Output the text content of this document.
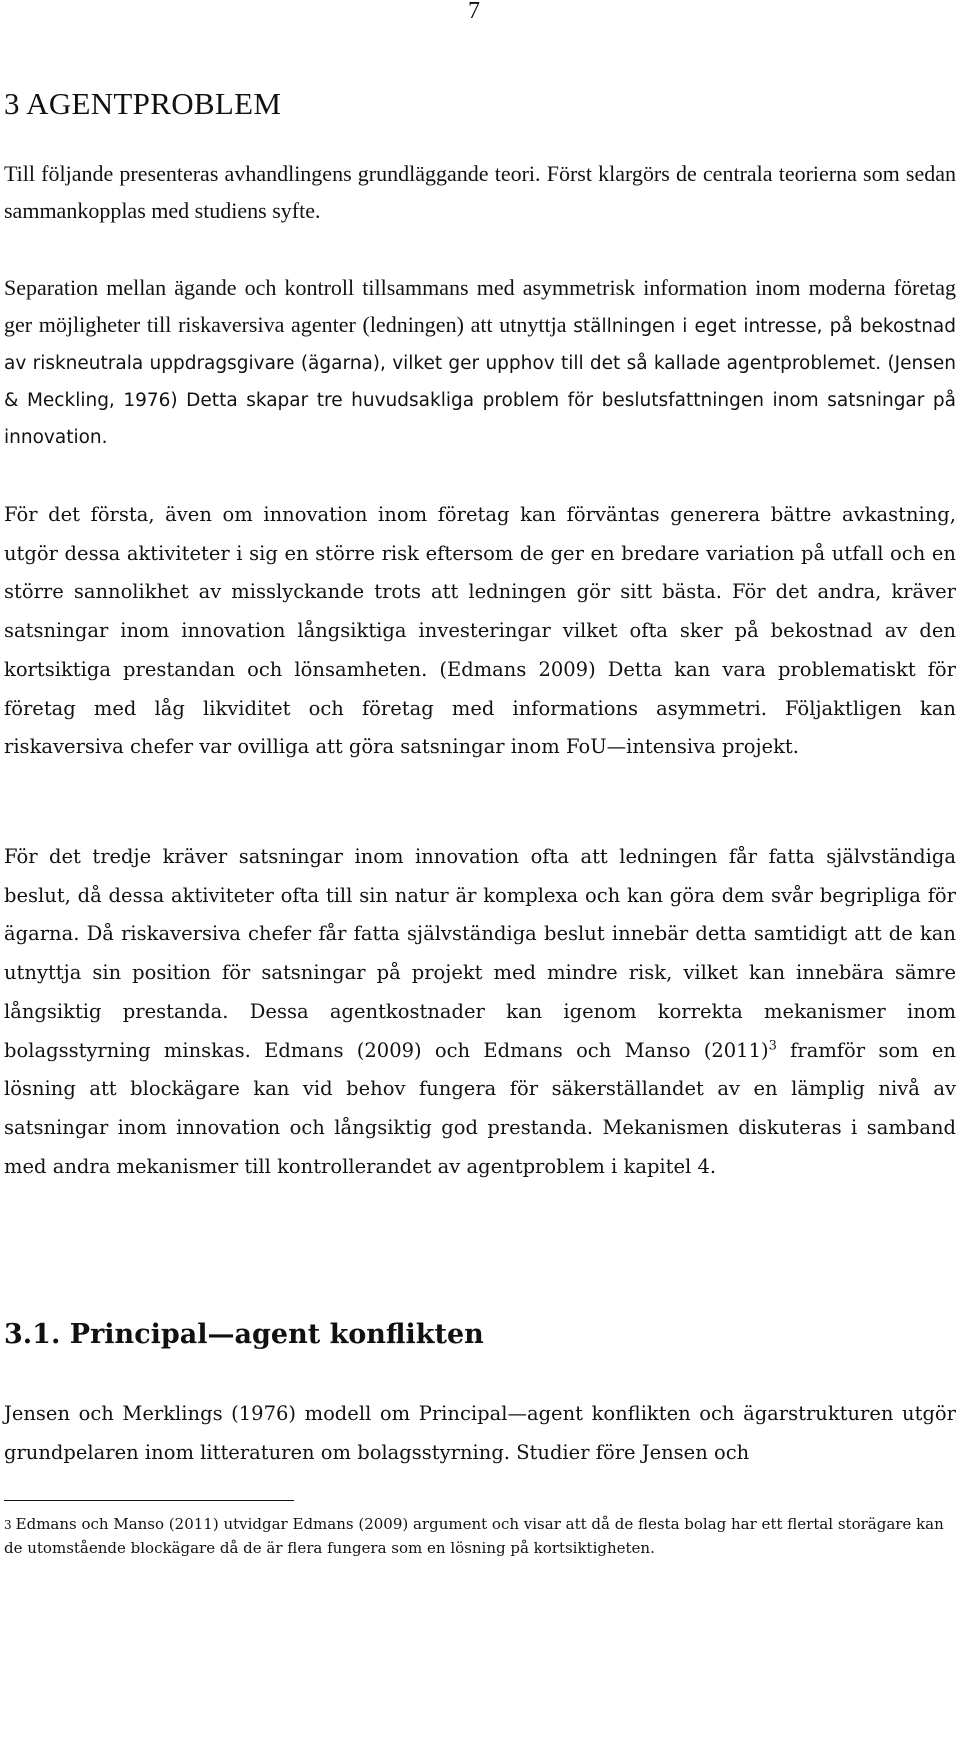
7
3 AGENTPROBLEM

Till följande presenteras avhandlingens grundläggande teori. Först klargörs de centrala teorierna som sedan sammankopplas med studiens syfte.

Separation mellan ägande och kontroll tillsammans med asymmetrisk information inom moderna företag ger möjligheter till riskaversiva agenter (ledningen) att utnyttja ställningen i eget intresse, på bekostnad av riskneutrala uppdragsgivare (ägarna), vilket ger upphov till det så kallade agentproblemet. (Jensen & Meckling, 1976) Detta skapar tre huvudsakliga problem för beslutsfattningen inom satsningar på innovation.

För det första, även om innovation inom företag kan förväntas generera bättre avkastning, utgör dessa aktiviteter i sig en större risk eftersom de ger en bredare variation på utfall och en större sannolikhet av misslyckande trots att ledningen gör sitt bästa. För det andra, kräver satsningar inom innovation långsiktiga investeringar vilket ofta sker på bekostnad av den kortsiktiga prestandan och lönsamheten. (Edmans 2009) Detta kan vara problematiskt för företag med låg likviditet och företag med informations asymmetri. Följaktligen kan riskaversiva chefer var ovilliga att göra satsningar inom FoU—intensiva projekt.

För det tredje kräver satsningar inom innovation ofta att ledningen får fatta självständiga beslut, då dessa aktiviteter ofta till sin natur är komplexa och kan göra dem svår begripliga för ägarna. Då riskaversiva chefer får fatta självständiga beslut innebär detta samtidigt att de kan utnyttja sin position för satsningar på projekt med mindre risk, vilket kan innebära sämre långsiktig prestanda. Dessa agentkostnader kan igenom korrekta mekanismer inom bolagsstyrning minskas. Edmans (2009) och Edmans och Manso $(2011)^3$ framför som en lösning att blockägare kan vid behov fungera för säkerställandet av en lämplig nivå av satsningar inom innovation och långsiktig god prestanda. Mekanismen diskuteras i samband med andra mekanismer till kontrollerandet av agentproblem i kapitel 4.

3.1. Principal—agent konflikten

Jensen och Merklings (1976) modell om Principal—agent konflikten och ägarstrukturen utgör grundpelaren inom litteraturen om bolagsstyrning. Studier före Jensen och

3 Edmans och Manso (2011) utvidgar Edmans (2009) argument och visar att då de flesta bolag har ett flertal storägare kan de utomstående blockägare då de är flera fungera som en lösning på kortsiktigheten.
